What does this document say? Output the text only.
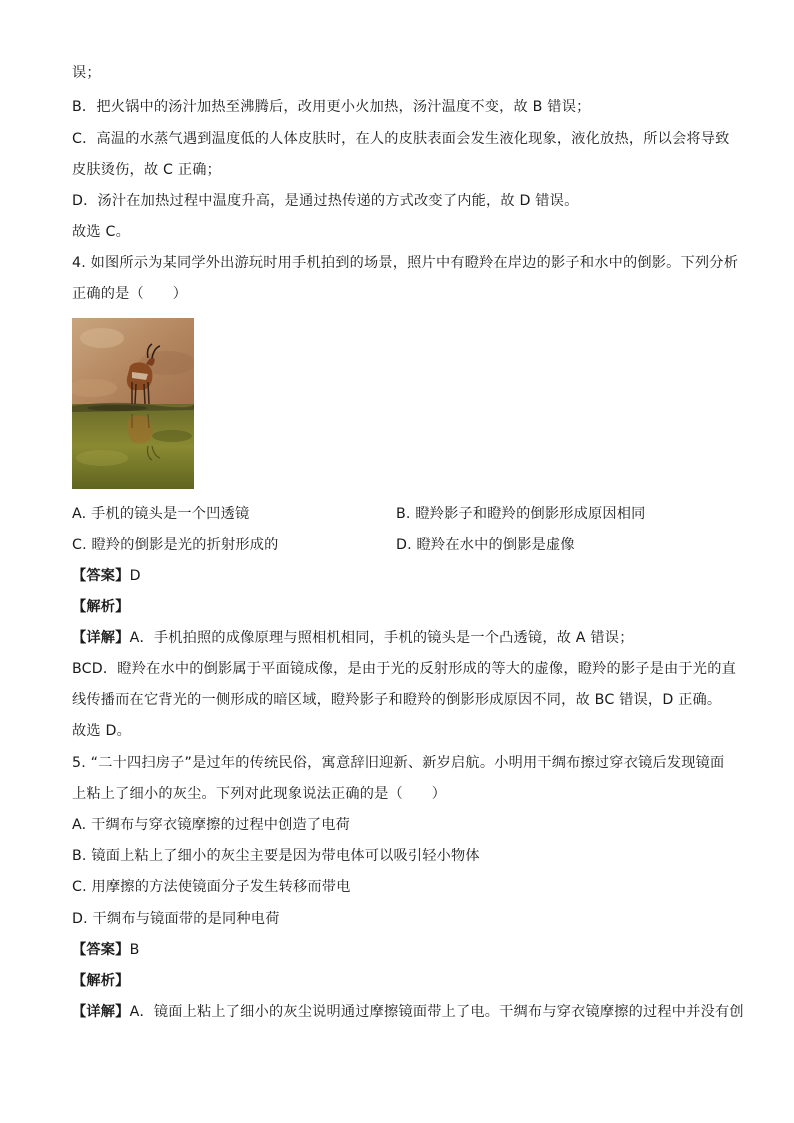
误；
B．把火锅中的汤汁加热至沸腾后，改用更小火加热，汤汁温度不变，故 B 错误；
C．高温的水蒸气遇到温度低的人体皮肤时，在人的皮肤表面会发生液化现象，液化放热，所以会将导致
皮肤烫伤，故 C 正确；
D．汤汁在加热过程中温度升高，是通过热传递的方式改变了内能，故 D 错误。
故选 C。
4. 如图所示为某同学外出游玩时用手机拍到的场景，照片中有瞪羚在岸边的影子和水中的倒影。下列分析
正确的是（　　）
A. 手机的镜头是一个凹透镜	B. 瞪羚影子和瞪羚的倒影形成原因相同
C. 瞪羚的倒影是光的折射形成的	D. 瞪羚在水中的倒影是虚像
【答案】D
【解析】
【详解】A．手机拍照的成像原理与照相机相同，手机的镜头是一个凸透镜，故 A 错误；
BCD．瞪羚在水中的倒影属于平面镜成像，是由于光的反射形成的等大的虚像，瞪羚的影子是由于光的直
线传播而在它背光的一侧形成的暗区域，瞪羚影子和瞪羚的倒影形成原因不同，故 BC 错误，D 正确。
故选 D。
5. “二十四扫房子”是过年的传统民俗，寓意辞旧迎新、新岁启航。小明用干绸布擦过穿衣镜后发现镜面
上粘上了细小的灰尘。下列对此现象说法正确的是（　　）
A. 干绸布与穿衣镜摩擦的过程中创造了电荷
B. 镜面上粘上了细小的灰尘主要是因为带电体可以吸引轻小物体
C. 用摩擦的方法使镜面分子发生转移而带电
D. 干绸布与镜面带的是同种电荷
【答案】B
【解析】
【详解】A．镜面上粘上了细小的灰尘说明通过摩擦镜面带上了电。干绸布与穿衣镜摩擦的过程中并没有创
